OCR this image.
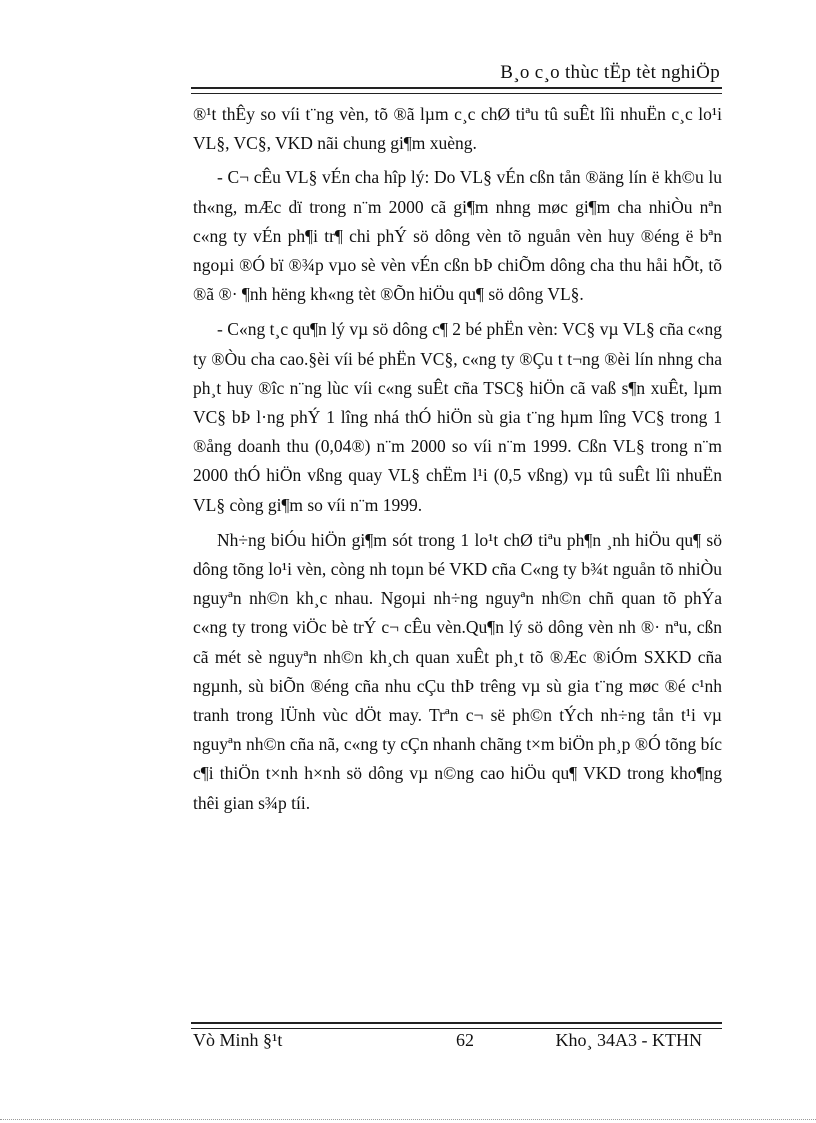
B¸o c¸o thùc tËp tèt nghiÖp

®¹t thÊy so víi t¨ng vèn, tõ ®ã lµm c¸c chØ tiªu tû suÊt lîi nhuËn c¸c lo¹i VL§, VC§, VKD nãi chung gi¶m xuèng.

- C¬ cÊu VL§ vÉn cha hîp lý: Do VL§ vÉn cßn tån ®äng lín ë kh©u lu th«ng, mÆc dï trong n¨m 2000 cã gi¶m nhng møc gi¶m cha nhiÒu nªn c«ng ty vÉn ph¶i tr¶ chi phÝ sö dông vèn tõ nguån vèn huy ®éng ë bªn ngoµi ®Ó bï ®¾p vµo sè vèn vÉn cßn bÞ chiÕm dông cha thu håi hÕt, tõ ®ã ®· ¶nh hëng kh«ng tèt ®Õn hiÖu qu¶ sö dông VL§.

- C«ng t¸c qu¶n lý vµ sö dông c¶ 2 bé phËn vèn: VC§ vµ VL§ cña c«ng ty ®Òu cha cao.§èi víi bé phËn VC§, c«ng ty ®Çu t t¬ng ®èi lín nhng cha ph¸t huy ®îc n¨ng lùc víi c«ng suÊt cña TSC§ hiÖn cã vaß s¶n xuÊt, lµm VC§ bÞ l·ng phÝ 1 lîng nhá thÓ hiÖn sù gia t¨ng hµm lîng VC§ trong 1 ®ång doanh thu (0,04®) n¨m 2000 so víi n¨m 1999. Cßn VL§ trong n¨m 2000 thÓ hiÖn vßng quay VL§ chËm l¹i (0,5 vßng) vµ tû suÊt lîi nhuËn VL§ còng gi¶m so víi n¨m 1999.

Nh÷ng biÓu hiÖn gi¶m sót trong 1 lo¹t chØ tiªu ph¶n ¸nh hiÖu qu¶ sö dông tõng lo¹i vèn, còng nh toµn bé VKD cña C«ng ty b¾t nguån tõ nhiÒu nguyªn nh©n kh¸c nhau. Ngoµi nh÷ng nguyªn nh©n chñ quan tõ phÝa c«ng ty trong viÖc bè trÝ c¬ cÊu vèn.Qu¶n lý sö dông vèn nh ®· nªu, cßn cã mét sè nguyªn nh©n kh¸ch quan xuÊt ph¸t tõ ®Æc ®iÓm SXKD cña ngµnh, sù biÕn ®éng cña nhu cÇu thÞ trêng vµ sù gia t¨ng møc ®é c¹nh tranh trong lÜnh vùc dÖt may. Trªn c¬ së ph©n tÝch nh÷ng tån t¹i vµ nguyªn nh©n cña nã, c«ng ty cÇn nhanh chãng t×m biÖn ph¸p ®Ó tõng bíc c¶i thiÖn t×nh h×nh sö dông vµ n©ng cao hiÖu qu¶ VKD trong kho¶ng thêi gian s¾p tíi.

Vò Minh §¹t	62	Kho¸ 34A3 - KTHN
